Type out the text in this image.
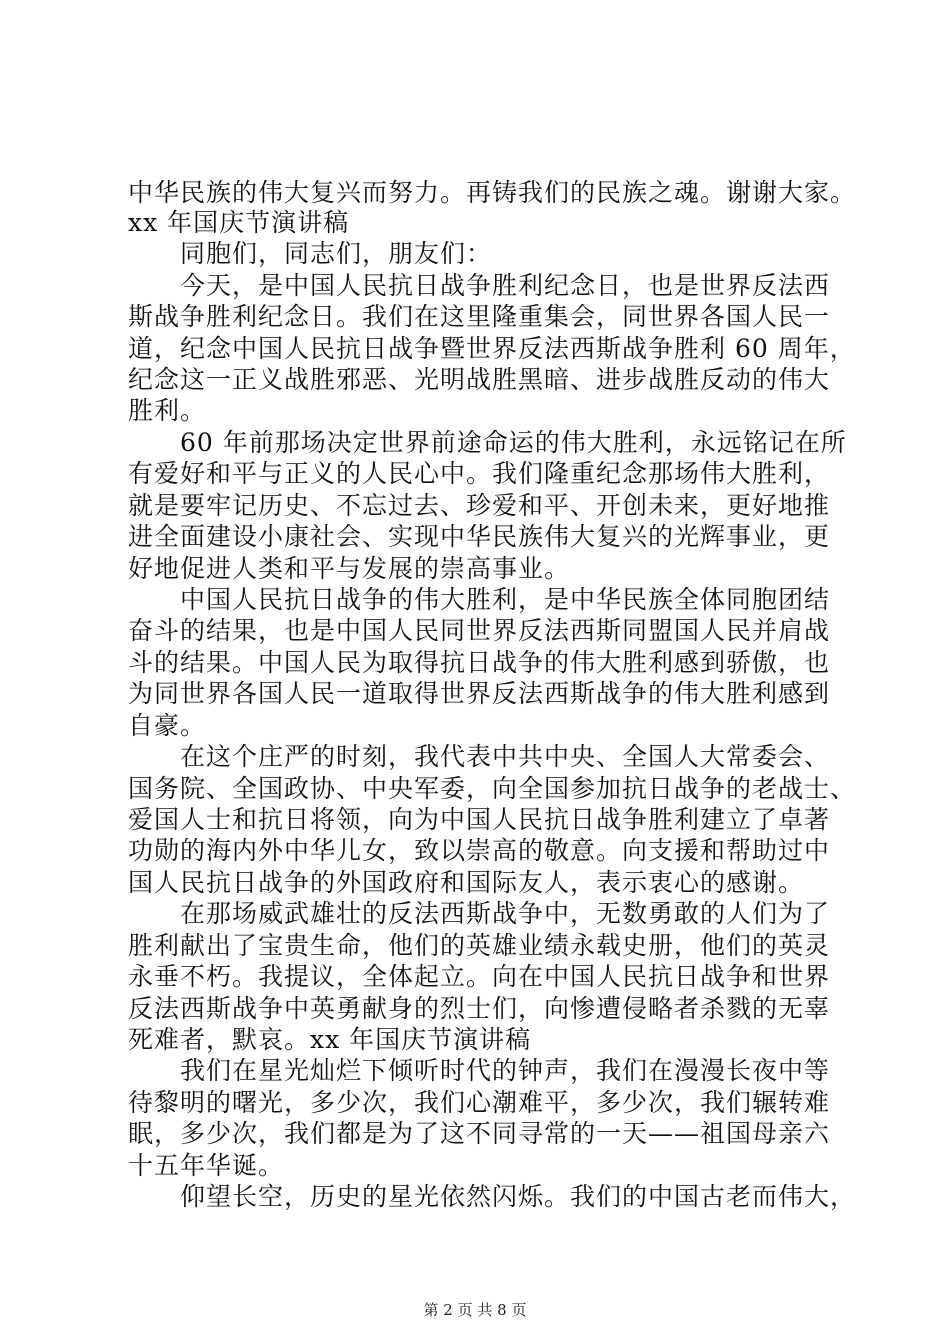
中华民族的伟大复兴而努力。再铸我们的民族之魂。谢谢大家。
xx 年国庆节演讲稿
　　同胞们，同志们，朋友们：
　　今天，是中国人民抗日战争胜利纪念日，也是世界反法西
斯战争胜利纪念日。我们在这里隆重集会，同世界各国人民一
道，纪念中国人民抗日战争暨世界反法西斯战争胜利 60 周年，
纪念这一正义战胜邪恶、光明战胜黑暗、进步战胜反动的伟大
胜利。
　　60 年前那场决定世界前途命运的伟大胜利，永远铭记在所
有爱好和平与正义的人民心中。我们隆重纪念那场伟大胜利，
就是要牢记历史、不忘过去、珍爱和平、开创未来，更好地推
进全面建设小康社会、实现中华民族伟大复兴的光辉事业，更
好地促进人类和平与发展的崇高事业。
　　中国人民抗日战争的伟大胜利，是中华民族全体同胞团结
奋斗的结果，也是中国人民同世界反法西斯同盟国人民并肩战
斗的结果。中国人民为取得抗日战争的伟大胜利感到骄傲，也
为同世界各国人民一道取得世界反法西斯战争的伟大胜利感到
自豪。
　　在这个庄严的时刻，我代表中共中央、全国人大常委会、
国务院、全国政协、中央军委，向全国参加抗日战争的老战士、
爱国人士和抗日将领，向为中国人民抗日战争胜利建立了卓著
功勋的海内外中华儿女，致以崇高的敬意。向支援和帮助过中
国人民抗日战争的外国政府和国际友人，表示衷心的感谢。
　　在那场威武雄壮的反法西斯战争中，无数勇敢的人们为了
胜利献出了宝贵生命，他们的英雄业绩永载史册，他们的英灵
永垂不朽。我提议，全体起立。向在中国人民抗日战争和世界
反法西斯战争中英勇献身的烈士们，向惨遭侵略者杀戮的无辜
死难者，默哀。xx 年国庆节演讲稿
　　我们在星光灿烂下倾听时代的钟声，我们在漫漫长夜中等
待黎明的曙光，多少次，我们心潮难平，多少次，我们辗转难
眠，多少次，我们都是为了这不同寻常的一天——祖国母亲六
十五年华诞。
　　仰望长空，历史的星光依然闪烁。我们的中国古老而伟大，
第 2 页 共 8 页
